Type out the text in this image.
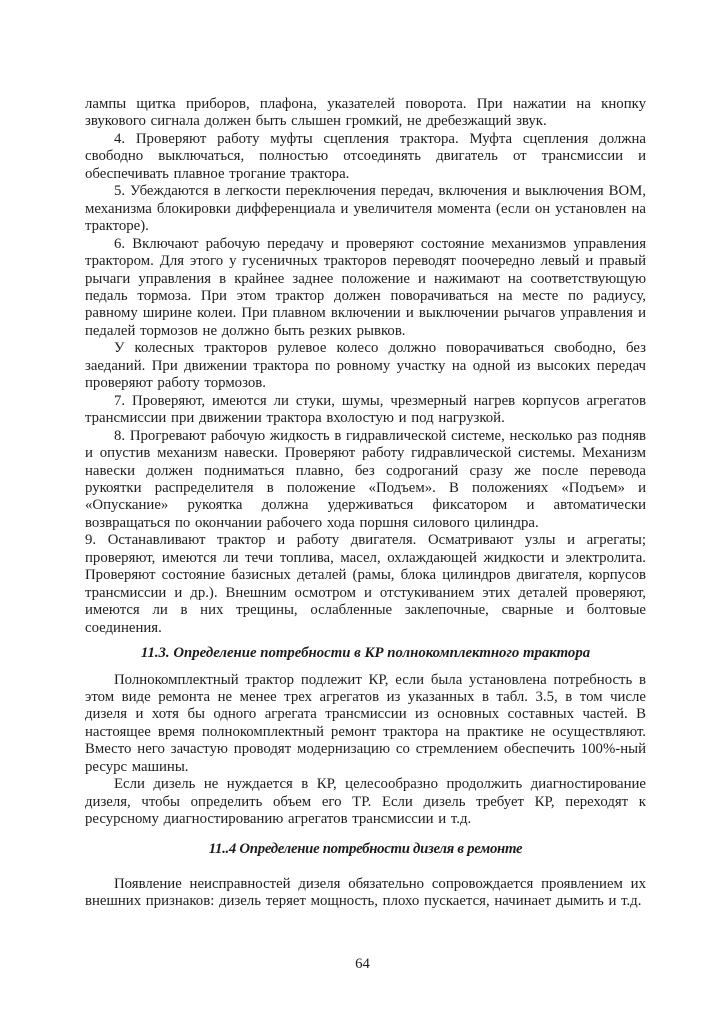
лампы щитка приборов, плафона, указателей поворота. При нажатии на кнопку звукового сигнала должен быть слышен громкий, не дребезжащий звук.

4. Проверяют работу муфты сцепления трактора. Муфта сцепления должна свободно выключаться, полностью отсоединять двигатель от трансмиссии и обеспечивать плавное трогание трактора.

5. Убеждаются в легкости переключения передач, включения и выключения ВОМ, механизма блокировки дифференциала и увеличителя момента (если он установлен на тракторе).

6. Включают рабочую передачу и проверяют состояние механизмов управления трактором. Для этого у гусеничных тракторов переводят поочередно левый и правый рычаги управления в крайнее заднее положение и нажимают на соответствующую педаль тормоза. При этом трактор должен поворачиваться на месте по радиусу, равному ширине колеи. При плавном включении и выключении рычагов управления и педалей тормозов не должно быть резких рывков.

У колесных тракторов рулевое колесо должно поворачиваться свободно, без заеданий. При движении трактора по ровному участку на одной из высоких передач проверяют работу тормозов.

7. Проверяют, имеются ли стуки, шумы, чрезмерный нагрев корпусов агрегатов трансмиссии при движении трактора вхолостую и под нагрузкой.

8. Прогревают рабочую жидкость в гидравлической системе, несколько раз подняв и опустив механизм навески. Проверяют работу гидравлической системы. Механизм навески должен подниматься плавно, без содроганий сразу же после перевода рукоятки распределителя в положение «Подъем». В положениях «Подъем» и «Опускание» рукоятка должна удерживаться фиксатором и автоматически возвращаться по окончании рабочего хода поршня силового цилиндра.

9. Останавливают трактор и работу двигателя. Осматривают узлы и агрегаты; проверяют, имеются ли течи топлива, масел, охлаждающей жидкости и электролита. Проверяют состояние базисных деталей (рамы, блока цилиндров двигателя, корпусов трансмиссии и др.). Внешним осмотром и отстукиванием этих деталей проверяют, имеются ли в них трещины, ослабленные заклепочные, сварные и болтовые соединения.

11.3. Определение потребности в КР полнокомплектного трактора

Полнокомплектный трактор подлежит КР, если была установлена потребность в этом виде ремонта не менее трех агрегатов из указанных в табл. 3.5, в том числе дизеля и хотя бы одного агрегата трансмиссии из основных составных частей. В настоящее время полнокомплектный ремонт трактора на практике не осуществляют. Вместо него зачастую проводят модернизацию со стремлением обеспечить 100%-ный ресурс машины.

Если дизель не нуждается в КР, целесообразно продолжить диагностирование дизеля, чтобы определить объем его ТР. Если дизель требует КР, переходят к ресурсному диагностированию агрегатов трансмиссии и т.д.

11..4 Определение потребности дизеля в ремонте

Появление неисправностей дизеля обязательно сопровождается проявлением их внешних признаков: дизель теряет мощность, плохо пускается, начинает дымить и т.д.

64
